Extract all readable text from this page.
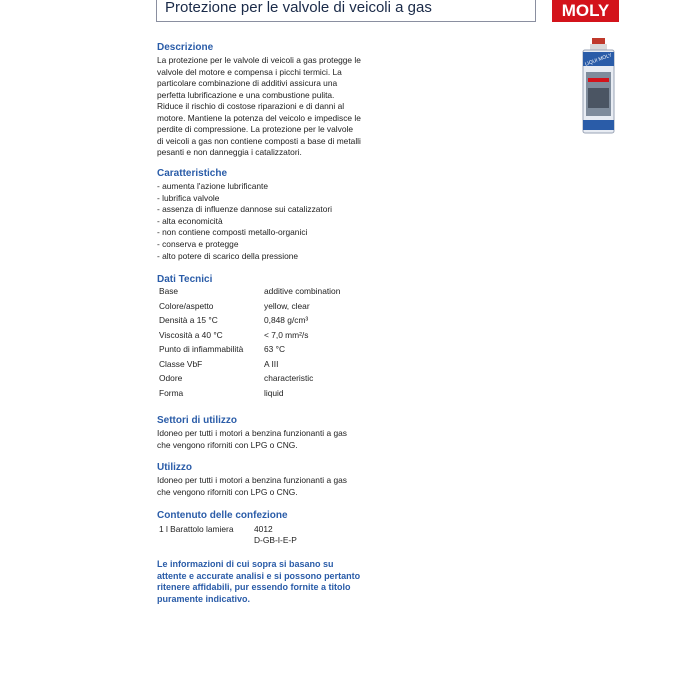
Protezione per le valvole di veicoli a gas	MOLY
LIQUI MOLY
Descrizione
La protezione per le valvole di veicoli a gas protegge le
valvole del motore e compensa i picchi termici. La
particolare combinazione di additivi assicura una
perfetta lubrificazione e una combustione pulita.
Riduce il rischio di costose riparazioni e di danni al
motore. Mantiene la potenza del veicolo e impedisce le
perdite di compressione. La protezione per le valvole
di veicoli a gas non contiene composti a base di metalli
pesanti e non danneggia i catalizzatori.
Caratteristiche
- aumenta l'azione lubrificante
- lubrifica valvole
- assenza di influenze dannose sui catalizzatori
- alta economicità
- non contiene composti metallo-organici
- conserva e protegge
- alto potere di scarico della pressione
Dati Tecnici
Base	additive combination
Colore/aspetto	yellow, clear
Densità a 15 °C	0,848 g/cm³
Viscosità a 40 °C	< 7,0 mm²/s
Punto di infiammabilità 63 °C
Classe VbF	A III
Odore	characteristic
Forma	liquid
Settori di utilizzo
Idoneo per tutti i motori a benzina funzionanti a gas
che vengono riforniti con LPG o CNG.
Utilizzo
Idoneo per tutti i motori a benzina funzionanti a gas
che vengono riforniti con LPG o CNG.
Contenuto delle confezione
1 l Barattolo lamiera 4012
D-GB-I-E-P
Le informazioni di cui sopra si basano su
attente e accurate analisi e si possono pertanto
ritenere affidabili, pur essendo fornite a titolo
puramente indicativo.
